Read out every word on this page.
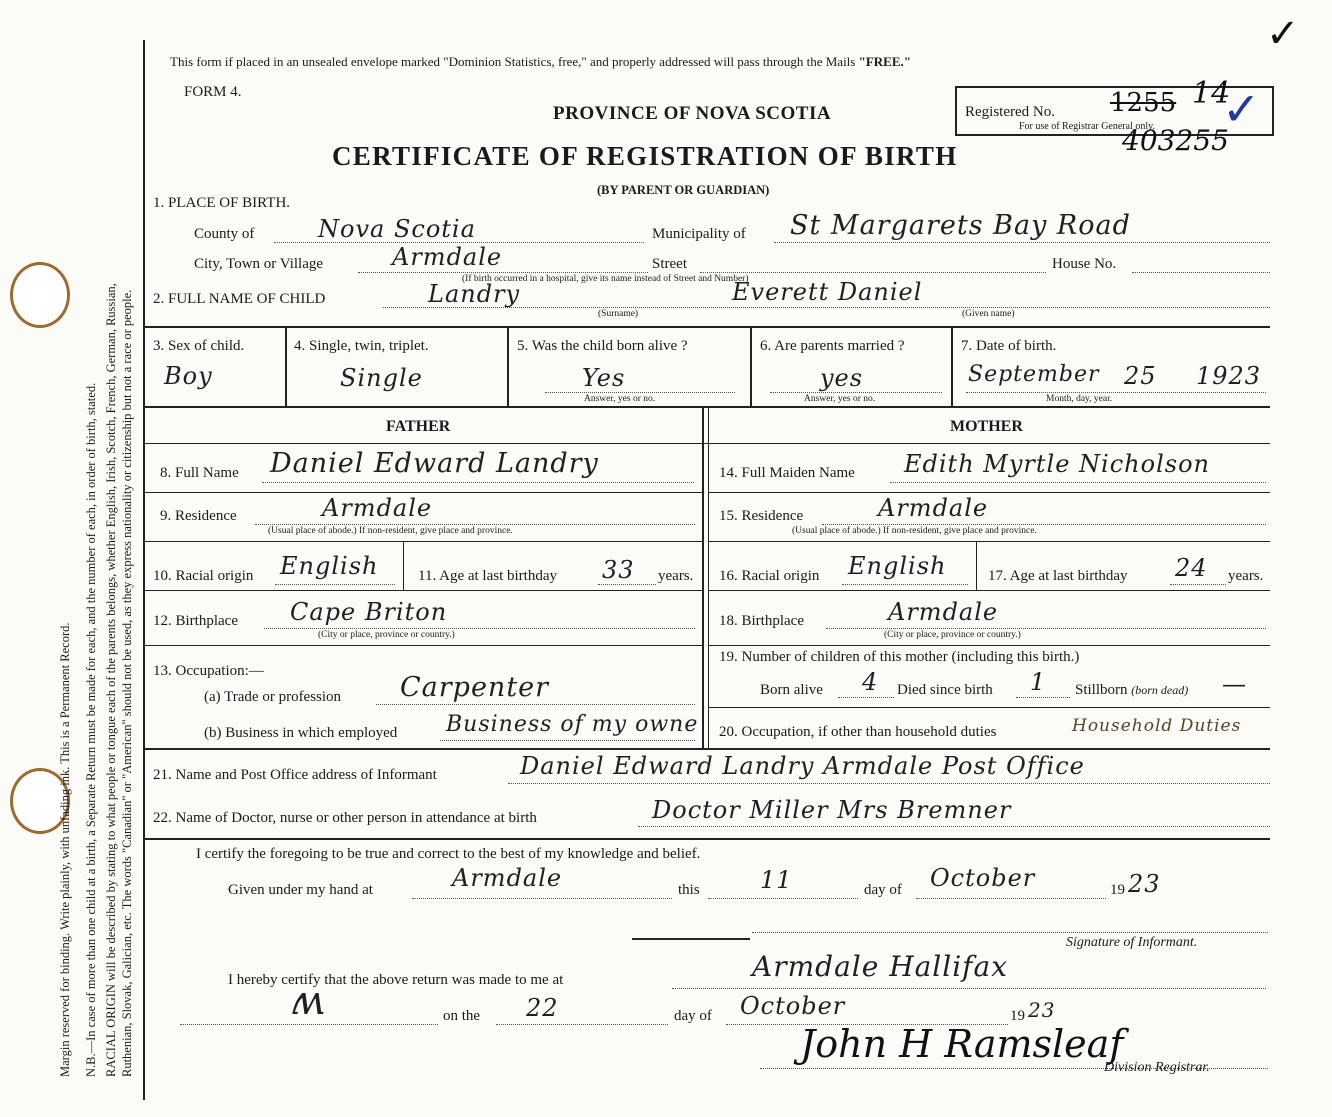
Margin reserved for binding. Write plainly, with unfading ink. This is a Permanent Record. N.B.—In case of more than one child at a birth, a Separate Return must be made for each, and the number of each, in order of birth, stated. RACIAL ORIGIN will be described by stating to what people or tongue each of the parents belongs, whether English, Irish, Scotch, French, German, Russian, Ruthenian, Slovak, Galician, etc. The words "Canadian" or "American" should not be used, as they express nationality or citizenship but not a race or people.
This form if placed in an unsealed envelope marked "Dominion Statistics, free," and properly addressed will pass through the Mails "FREE."
FORM 4.
PROVINCE OF NOVA SCOTIA
CERTIFICATE OF REGISTRATION OF BIRTH
(BY PARENT OR GUARDIAN)
Registered No.
For use of Registrar General only.
1255 14
✓
✓
403255
1. PLACE OF BIRTH.
County of	Nova Scotia	Municipality of St Margarets Bay Road
City, Town or Village	Armdale	Street	House No.
(If birth occurred in a hospital, give its name instead of Street and Number)
2. FULL NAME OF CHILD	Landry	Everett Daniel
(Surname)	(Given name)
3. Sex of child.
Boy
4. Single, twin, triplet.
Single
5. Was the child born alive ?
Yes
Answer, yes or no.
6. Are parents married ?
yes
Answer, yes or no.
7. Date of birth.
September 25 1923
Month, day, year.
FATHER	MOTHER
8. Full Name Daniel Edward Landry
9. Residence	Armdale
(Usual place of abode.) If non-resident, give place and province.
10. Racial origin English	11. Age at last birthday 33 years.
12. Birthplace Cape Briton
(City or place, province or country.)
13. Occupation:—
(a) Trade or profession Carpenter
(b) Business in which employed Business of my owne
14. Full Maiden Name Edith Myrtle Nicholson
15. Residence	Armdale
(Usual place of abode.) If non-resident, give place and province.
16. Racial origin English	17. Age at last birthday 24 years.
18. Birthplace	Armdale
(City or place, province or country.)
19. Number of children of this mother (including this birth.)
Born alive 4 Died since birth 1 Stillborn (born dead) —
20. Occupation, if other than household duties	Household Duties
21. Name and Post Office address of Informant	Daniel Edward Landry Armdale Post Office
22. Name of Doctor, nurse or other person in attendance at birth	Doctor Miller Mrs Bremner
I certify the foregoing to be true and correct to the best of my knowledge and belief.
Given under my hand at	Armdale	this	11	day of October	19 23
Signature of Informant.
I hereby certify that the above return was made to me at	Armdale Hallifax
ʍ	on the 22	day of October	19 23
John H Ramsleaf
Division Registrar.
